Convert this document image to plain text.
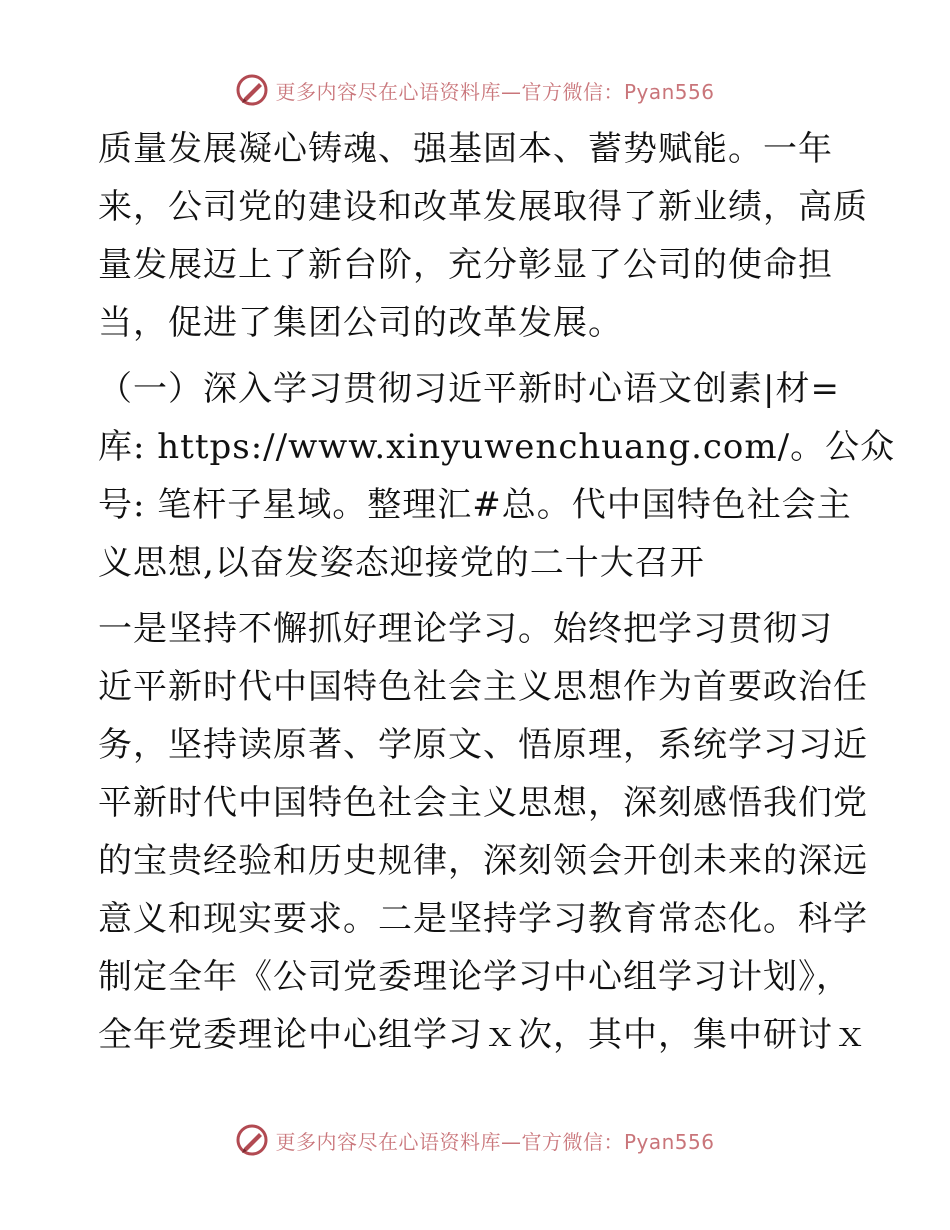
更多内容尽在心语资料库—官方微信：Pyan556
质量发展凝心铸魂、强基固本、蓄势赋能。一年
来，公司党的建设和改革发展取得了新业绩，高质
量发展迈上了新台阶，充分彰显了公司的使命担
当，促进了集团公司的改革发展。
（一）深入学习贯彻习近平新时心语文创素|材=
库: https://www.xinyuwenchuang.com/。公众
号: 笔杆子星域。整理汇#总。代中国特色社会主
义思想,以奋发姿态迎接党的二十大召开
一是坚持不懈抓好理论学习。始终把学习贯彻习
近平新时代中国特色社会主义思想作为首要政治任
务，坚持读原著、学原文、悟原理，系统学习习近
平新时代中国特色社会主义思想，深刻感悟我们党
的宝贵经验和历史规律，深刻领会开创未来的深远
意义和现实要求。二是坚持学习教育常态化。科学
制定全年《公司党委理论学习中心组学习计划》，
全年党委理论中心组学习ｘ次，其中，集中研讨ｘ
更多内容尽在心语资料库—官方微信：Pyan556
